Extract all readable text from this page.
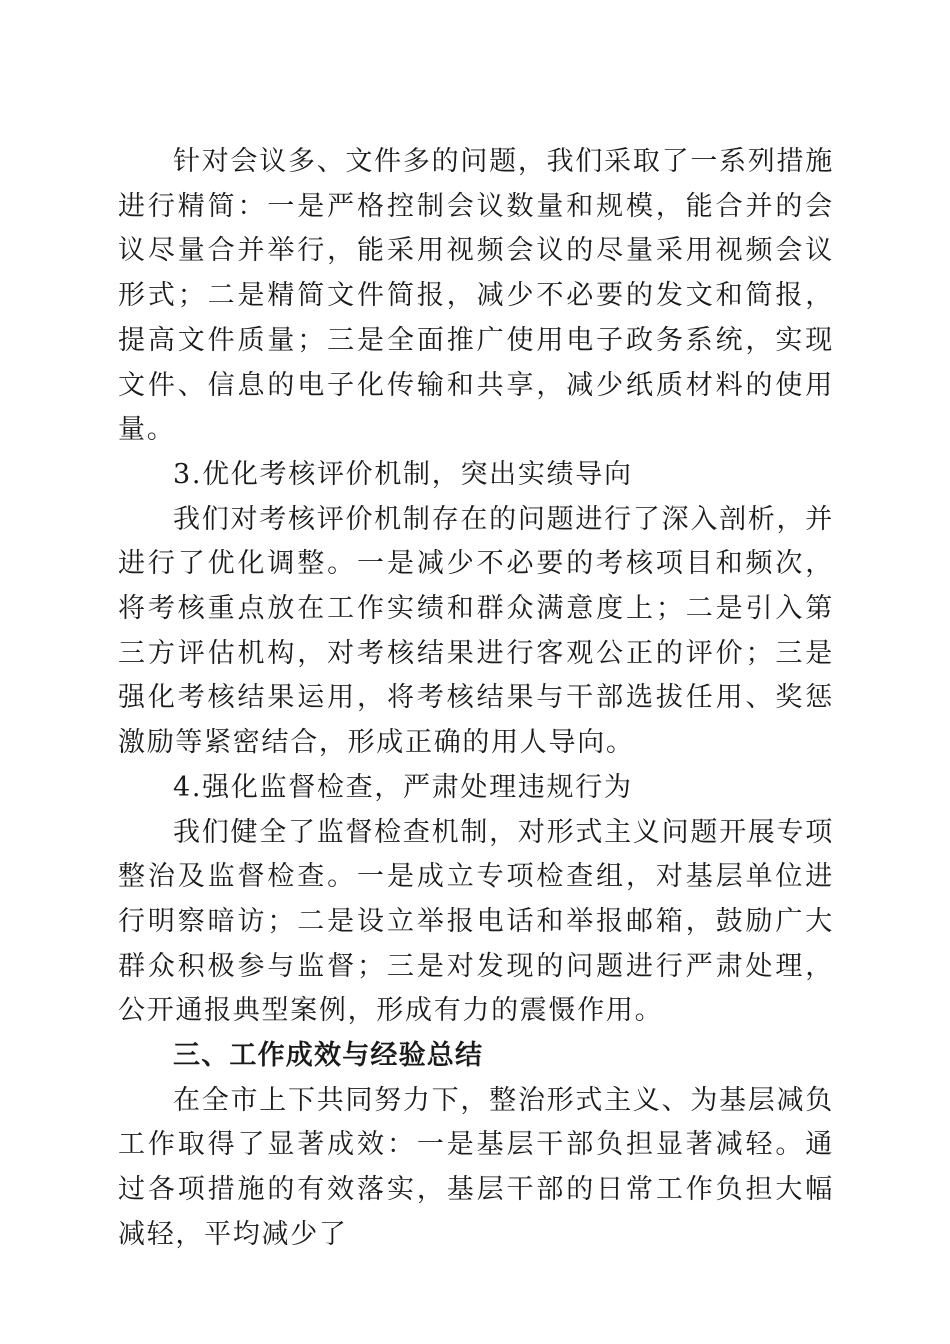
针对会议多、文件多的问题，我们采取了一系列措施进行精简：一是严格控制会议数量和规模，能合并的会议尽量合并举行，能采用视频会议的尽量采用视频会议形式；二是精简文件简报，减少不必要的发文和简报，提高文件质量；三是全面推广使用电子政务系统，实现文件、信息的电子化传输和共享，减少纸质材料的使用量。

3.优化考核评价机制，突出实绩导向

我们对考核评价机制存在的问题进行了深入剖析，并进行了优化调整。一是减少不必要的考核项目和频次，将考核重点放在工作实绩和群众满意度上；二是引入第三方评估机构，对考核结果进行客观公正的评价；三是强化考核结果运用，将考核结果与干部选拔任用、奖惩激励等紧密结合，形成正确的用人导向。

4.强化监督检查，严肃处理违规行为

我们健全了监督检查机制，对形式主义问题开展专项整治及监督检查。一是成立专项检查组，对基层单位进行明察暗访；二是设立举报电话和举报邮箱，鼓励广大群众积极参与监督；三是对发现的问题进行严肃处理，公开通报典型案例，形成有力的震慑作用。

三、工作成效与经验总结

在全市上下共同努力下，整治形式主义、为基层减负工作取得了显著成效：一是基层干部负担显著减轻。通过各项措施的有效落实，基层干部的日常工作负担大幅减轻，平均减少了
